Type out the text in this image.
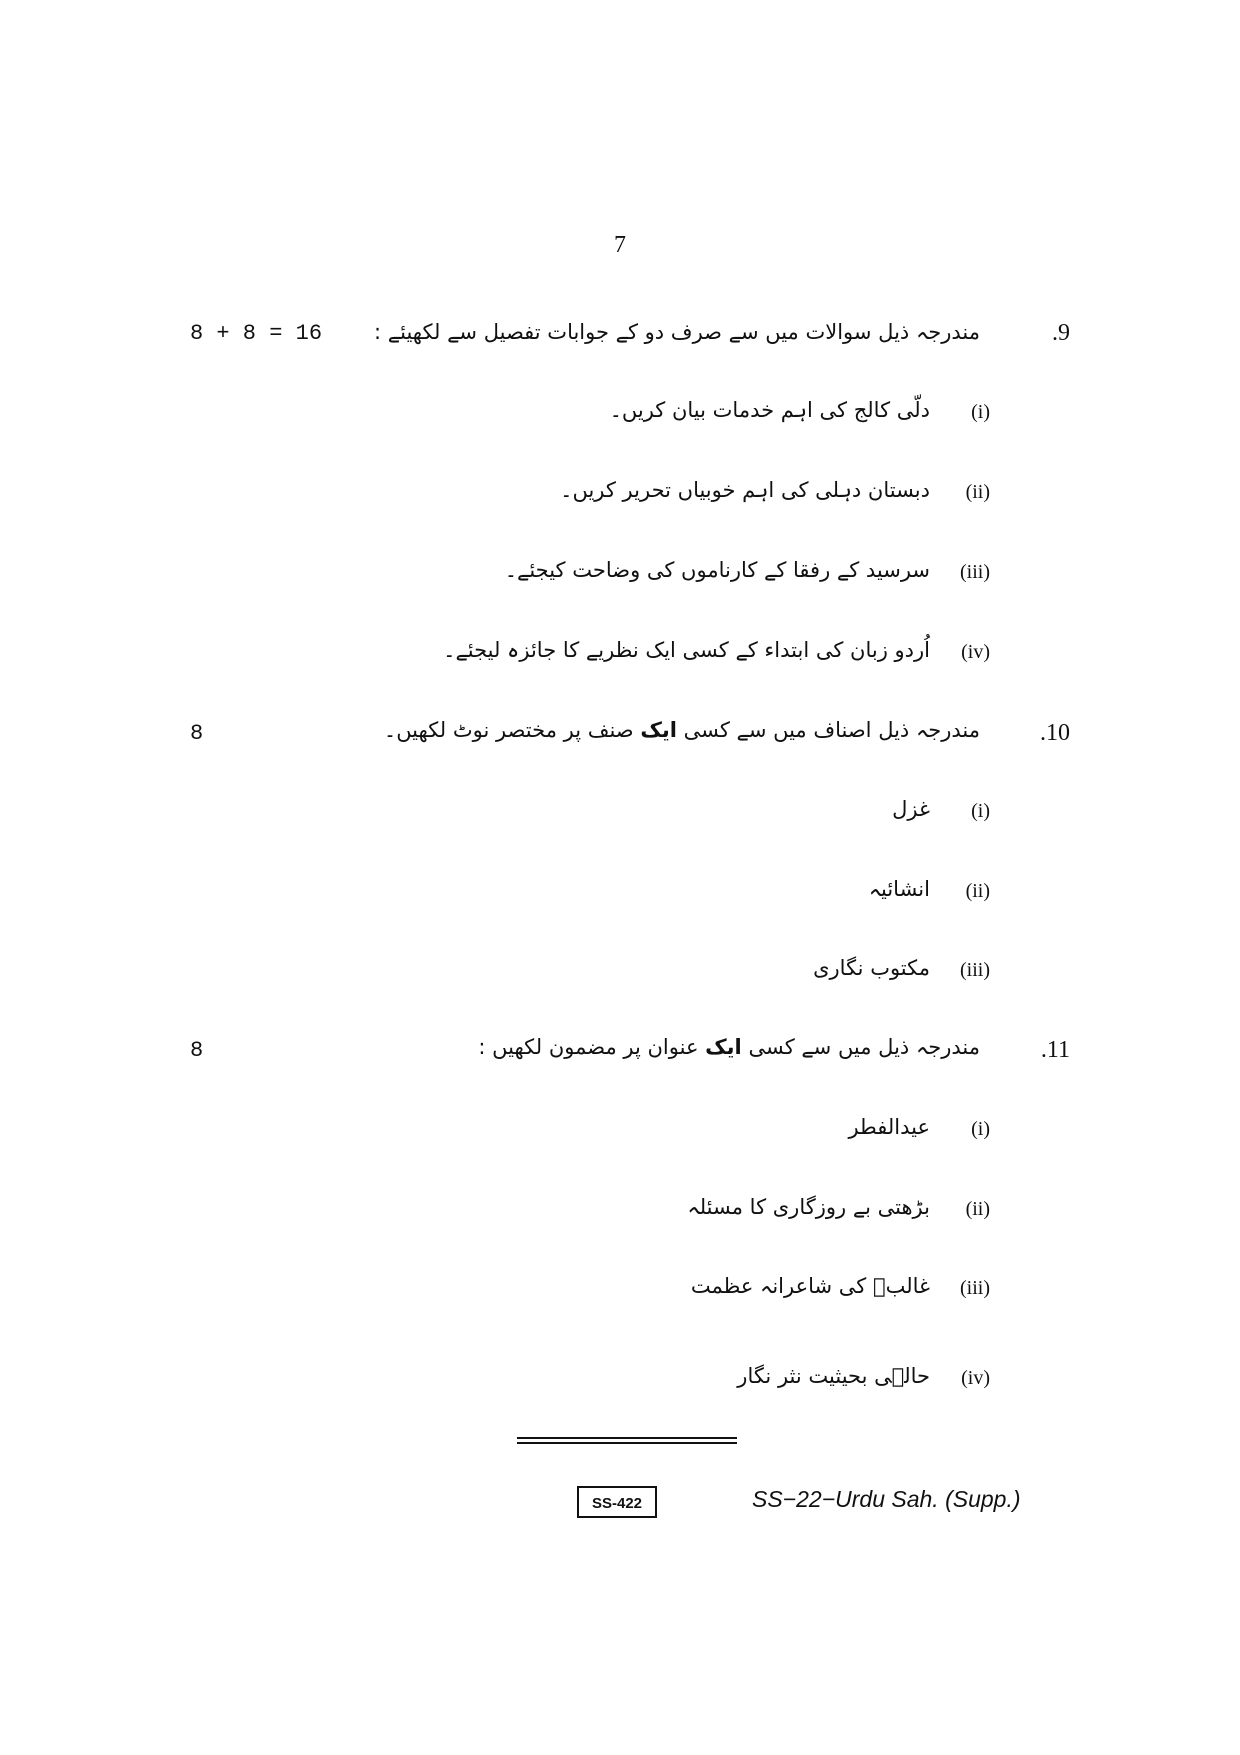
7
9.
مندرجہ ذیل سوالات میں سے صرف دو کے جوابات تفصیل سے لکھیئے :
8 + 8 = 16
(i)
دلّی کالج کی اہم خدمات بیان کریں۔
(ii)
دبستان دہلی کی اہم خوبیاں تحریر کریں۔
(iii)
سرسید کے رفقا کے کارناموں کی وضاحت کیجئے۔
(iv)
اُردو زبان کی ابتداء کے کسی ایک نظریے کا جائزہ لیجئے۔
10.
مندرجہ ذیل اصناف میں سے کسی ایک صنف پر مختصر نوٹ لکھیں۔
8
(i)
غزل
(ii)
انشائیہ
(iii)
مکتوب نگاری
11.
مندرجہ ذیل میں سے کسی ایک عنوان پر مضمون لکھیں :
8
(i)
عیدالفطر
(ii)
بڑھتی بے روزگاری کا مسئلہ
(iii)
غالبؔ کی شاعرانہ عظمت
(iv)
حالؔی بحیثیت نثر نگار
SS-422	SS−22−Urdu Sah. (Supp.)
